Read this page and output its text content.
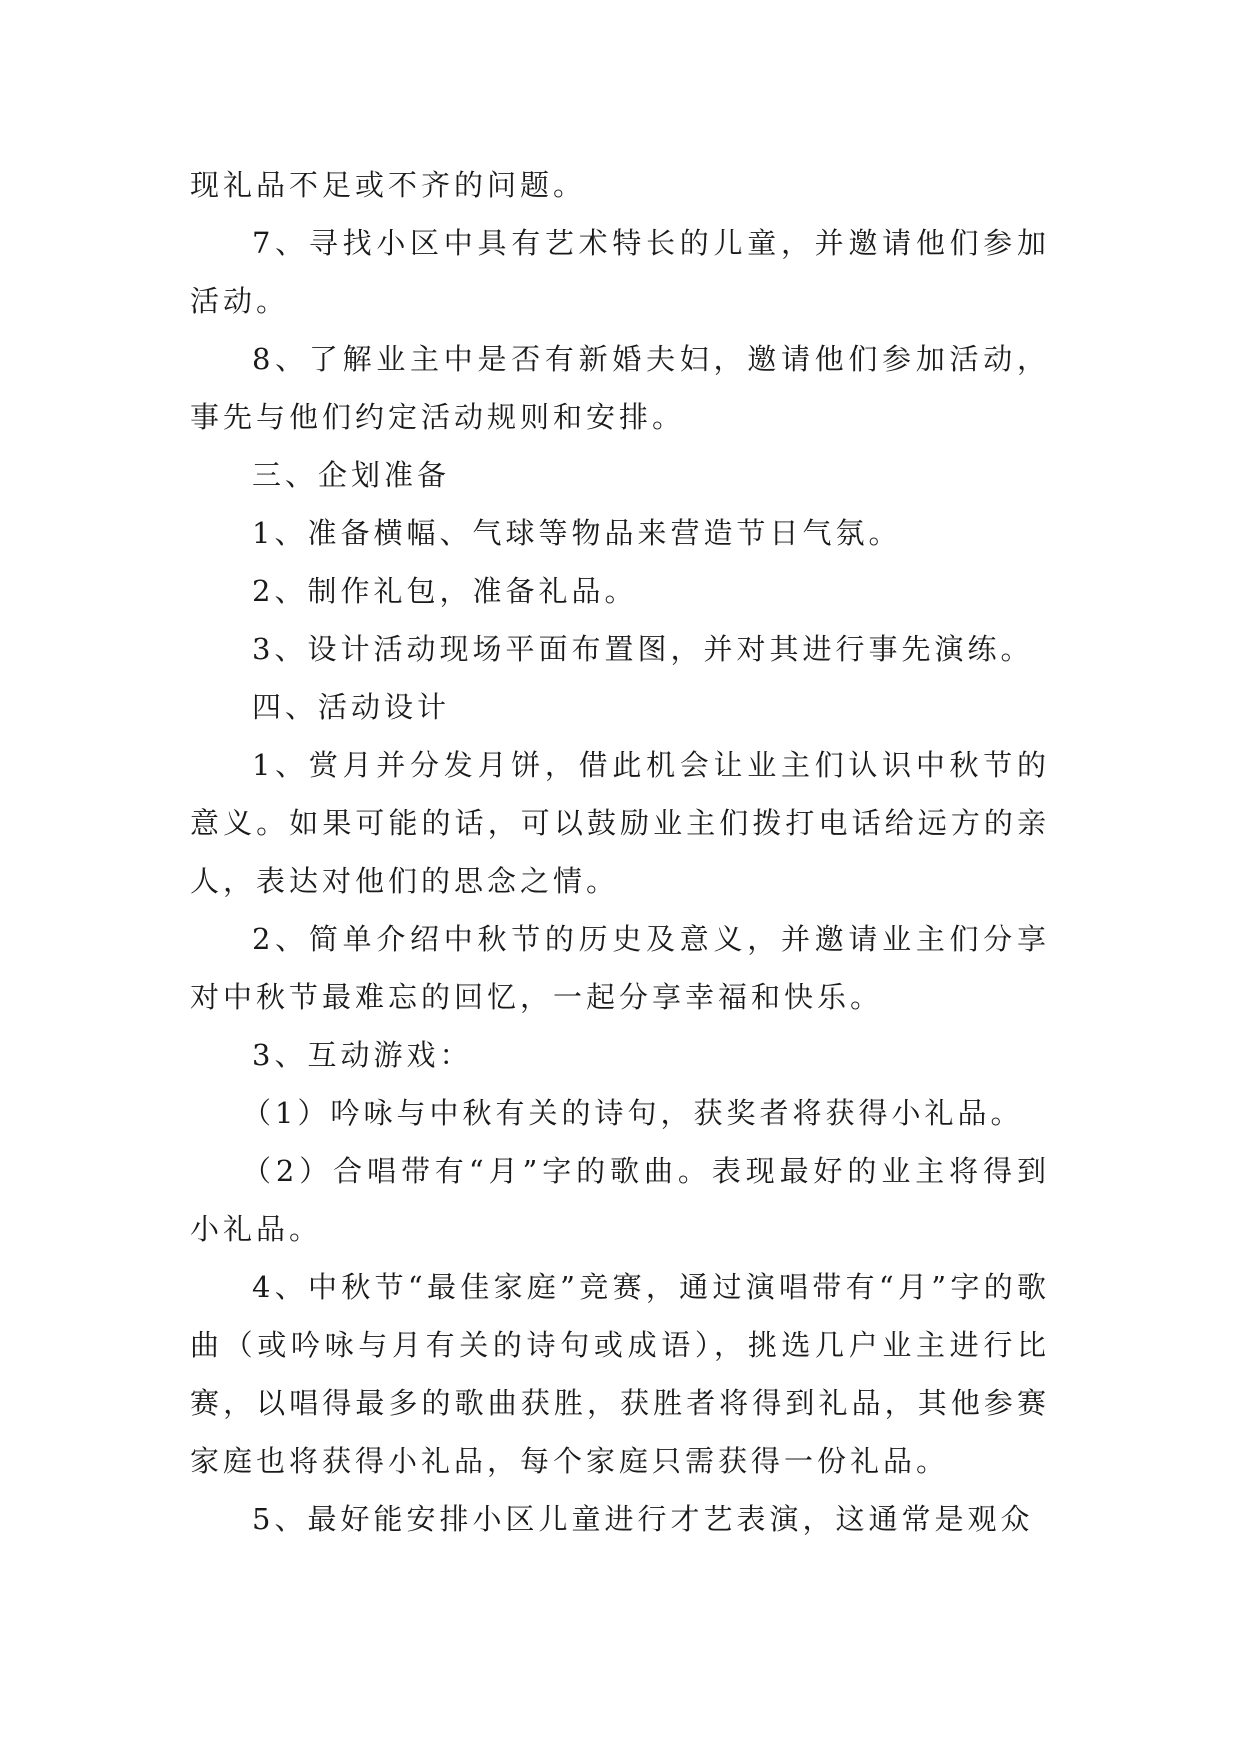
现礼品不足或不齐的问题。

7、寻找小区中具有艺术特长的儿童，并邀请他们参加活动。

8、了解业主中是否有新婚夫妇，邀请他们参加活动，事先与他们约定活动规则和安排。

三、企划准备

1、准备横幅、气球等物品来营造节日气氛。

2、制作礼包，准备礼品。

3、设计活动现场平面布置图，并对其进行事先演练。

四、活动设计

1、赏月并分发月饼，借此机会让业主们认识中秋节的意义。如果可能的话，可以鼓励业主们拨打电话给远方的亲人，表达对他们的思念之情。

2、简单介绍中秋节的历史及意义，并邀请业主们分享对中秋节最难忘的回忆，一起分享幸福和快乐。

3、互动游戏：

（1）吟咏与中秋有关的诗句，获奖者将获得小礼品。

（2）合唱带有“月”字的歌曲。表现最好的业主将得到小礼品。

4、中秋节“最佳家庭”竞赛，通过演唱带有“月”字的歌曲（或吟咏与月有关的诗句或成语），挑选几户业主进行比赛，以唱得最多的歌曲获胜，获胜者将得到礼品，其他参赛家庭也将获得小礼品，每个家庭只需获得一份礼品。

5、最好能安排小区儿童进行才艺表演，这通常是观众
